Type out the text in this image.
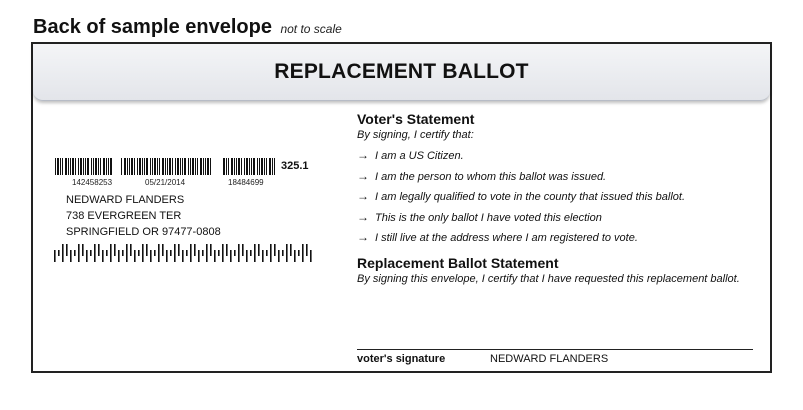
Back of sample envelope not to scale
REPLACEMENT BALLOT
325.1
142458253	05/21/2014	18484699
NEDWARD FLANDERS
738 EVERGREEN TER
SPRINGFIELD OR 97477-0808
Voter's Statement
By signing, I certify that:
→ I am a US Citizen.
→ I am the person to whom this ballot was issued.
→ I am legally qualified to vote in the county that issued this ballot.
→ This is the only ballot I have voted this election
→ I still live at the address where I am registered to vote.
Replacement Ballot Statement
By signing this envelope, I certify that I have requested this replacement ballot.
voter's signature	NEDWARD FLANDERS
